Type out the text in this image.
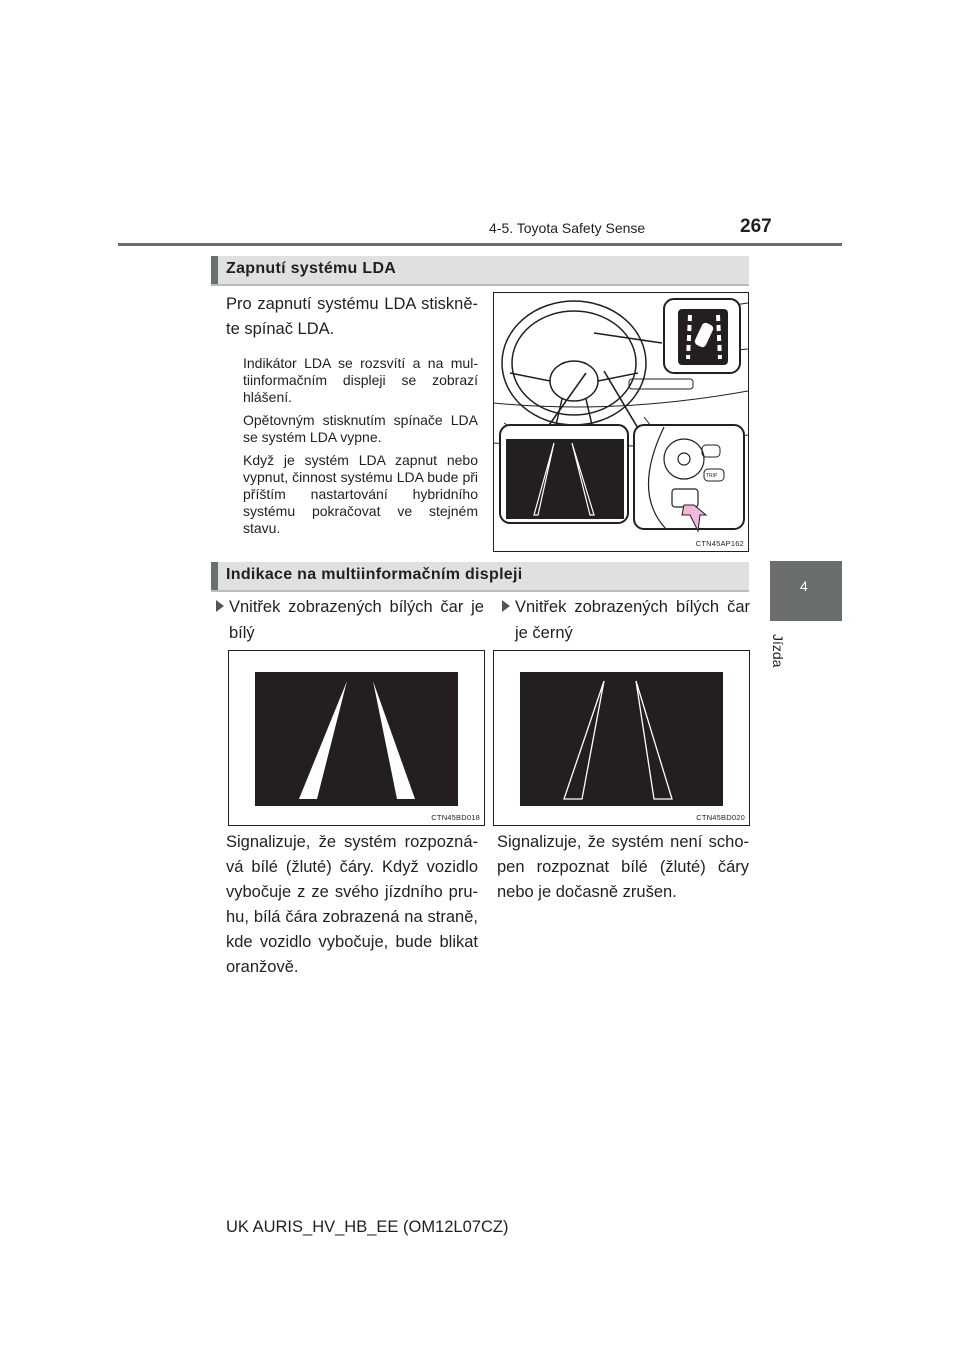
4-5. Toyota Safety Sense	267
4
Jízda
Zapnutí systému LDA
Pro zapnutí systému LDA stiskně-te spínač LDA.
Indikátor LDA se rozsvítí a na mul-tiinformačním displeji se zobrazí hlášení.
Opětovným stisknutím spínače LDA se systém LDA vypne.
Když je systém LDA zapnut nebo vypnut, činnost systému LDA bude při příštím nastartování hybridního systému pokračovat ve stejném stavu.
TRIP
CTN45AP162
Indikace na multiinformačním displeji
Vnitřek zobrazených bílých čar je bílý
CTN45BD018
Signalizuje, že systém rozpozná-vá bílé (žluté) čáry. Když vozidlo vybočuje z ze svého jízdního pru-hu, bílá čára zobrazená na straně, kde vozidlo vybočuje, bude blikat oranžově.
Vnitřek zobrazených bílých čar je černý
CTN45BD020
Signalizuje, že systém není scho-pen rozpoznat bílé (žluté) čáry nebo je dočasně zrušen.
UK AURIS_HV_HB_EE (OM12L07CZ)
